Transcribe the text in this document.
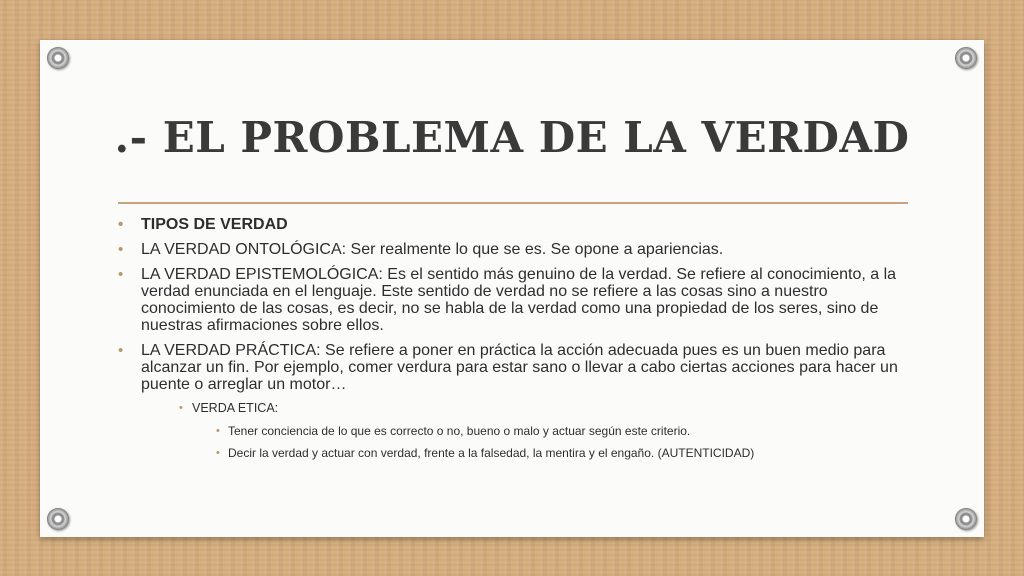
.- EL PROBLEMA DE LA VERDAD
• TIPOS DE VERDAD
• LA VERDAD ONTOLÓGICA: Ser realmente lo que se es. Se opone a apariencias.
• LA VERDAD EPISTEMOLÓGICA: Es el sentido más genuino de la verdad. Se refiere al conocimiento, a la verdad enunciada en el lenguaje. Este sentido de verdad no se refiere a las cosas sino a nuestro conocimiento de las cosas, es decir, no se habla de la verdad como una propiedad de los seres, sino de nuestras afirmaciones sobre ellos.
• LA VERDAD PRÁCTICA: Se refiere a poner en práctica la acción adecuada pues es un buen medio para alcanzar un fin. Por ejemplo, comer verdura para estar sano o llevar a cabo ciertas acciones para hacer un puente o arreglar un motor…
• VERDA ETICA:
• Tener conciencia de lo que es correcto o no, bueno o malo y actuar según este criterio.
• Decir la verdad y actuar con verdad, frente a la falsedad, la mentira y el engaño. (AUTENTICIDAD)
